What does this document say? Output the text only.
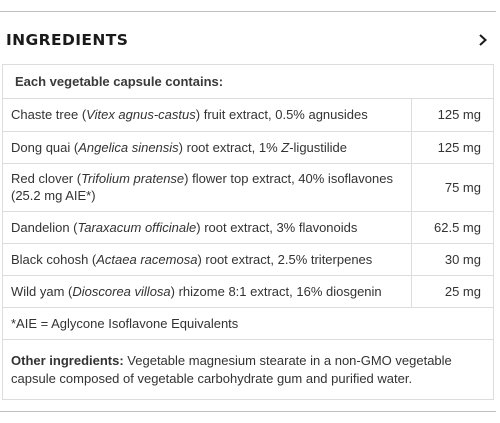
INGREDIENTS
Each vegetable capsule contains:
Chaste tree (Vitex agnus-castus) fruit extract, 0.5% agnusides	125 mg
Dong quai (Angelica sinensis) root extract, 1% Z-ligustilide	125 mg
Red clover (Trifolium pratense) flower top extract, 40% isoflavones
(25.2 mg AIE*)	75 mg
Dandelion (Taraxacum officinale) root extract, 3% flavonoids	62.5 mg
Black cohosh (Actaea racemosa) root extract, 2.5% triterpenes	30 mg
Wild yam (Dioscorea villosa) rhizome 8:1 extract, 16% diosgenin	25 mg
*AIE = Aglycone Isoflavone Equivalents
Other ingredients: Vegetable magnesium stearate in a non-GMO vegetable capsule composed of vegetable carbohydrate gum and purified water.
